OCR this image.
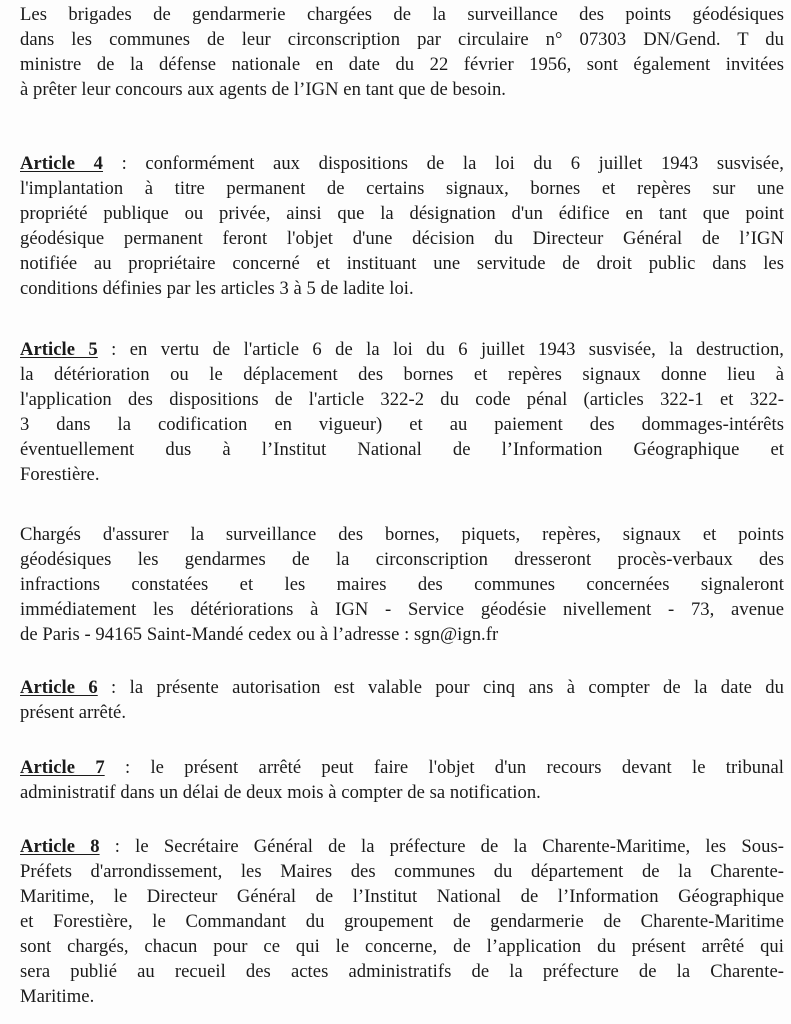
Les brigades de gendarmerie chargées de la surveillance des points géodésiques
dans les communes de leur circonscription par circulaire n° 07303 DN/Gend. T du
ministre de la défense nationale en date du 22 février 1956, sont également invitées
à prêter leur concours aux agents de l’IGN en tant que de besoin.

Article 4 : conformément aux dispositions de la loi du 6 juillet 1943 susvisée,
l'implantation à titre permanent de certains signaux, bornes et repères sur une
propriété publique ou privée, ainsi que la désignation d'un édifice en tant que point
géodésique permanent feront l'objet d'une décision du Directeur Général de l’IGN
notifiée au propriétaire concerné et instituant une servitude de droit public dans les
conditions définies par les articles 3 à 5 de ladite loi.

Article 5 : en vertu de l'article 6 de la loi du 6 juillet 1943 susvisée, la destruction,
la détérioration ou le déplacement des bornes et repères signaux donne lieu à
l'application des dispositions de l'article 322-2 du code pénal (articles 322-1 et 322-
3 dans la codification en vigueur) et au paiement des dommages-intérêts
éventuellement dus à l’Institut National de l’Information Géographique et
Forestière.

Chargés d'assurer la surveillance des bornes, piquets, repères, signaux et points
géodésiques les gendarmes de la circonscription dresseront procès-verbaux des
infractions constatées et les maires des communes concernées signaleront
immédiatement les détériorations à IGN - Service géodésie nivellement - 73, avenue
de Paris - 94165 Saint-Mandé cedex ou à l’adresse : sgn@ign.fr

Article 6 : la présente autorisation est valable pour cinq ans à compter de la date du
présent arrêté.

Article 7 : le présent arrêté peut faire l'objet d'un recours devant le tribunal
administratif dans un délai de deux mois à compter de sa notification.

Article 8 : le Secrétaire Général de la préfecture de la Charente-Maritime, les Sous-
Préfets d'arrondissement, les Maires des communes du département de la Charente-
Maritime, le Directeur Général de l’Institut National de l’Information Géographique
et Forestière, le Commandant du groupement de gendarmerie de Charente-Maritime
sont chargés, chacun pour ce qui le concerne, de l’application du présent arrêté qui
sera publié au recueil des actes administratifs de la préfecture de la Charente-
Maritime.
